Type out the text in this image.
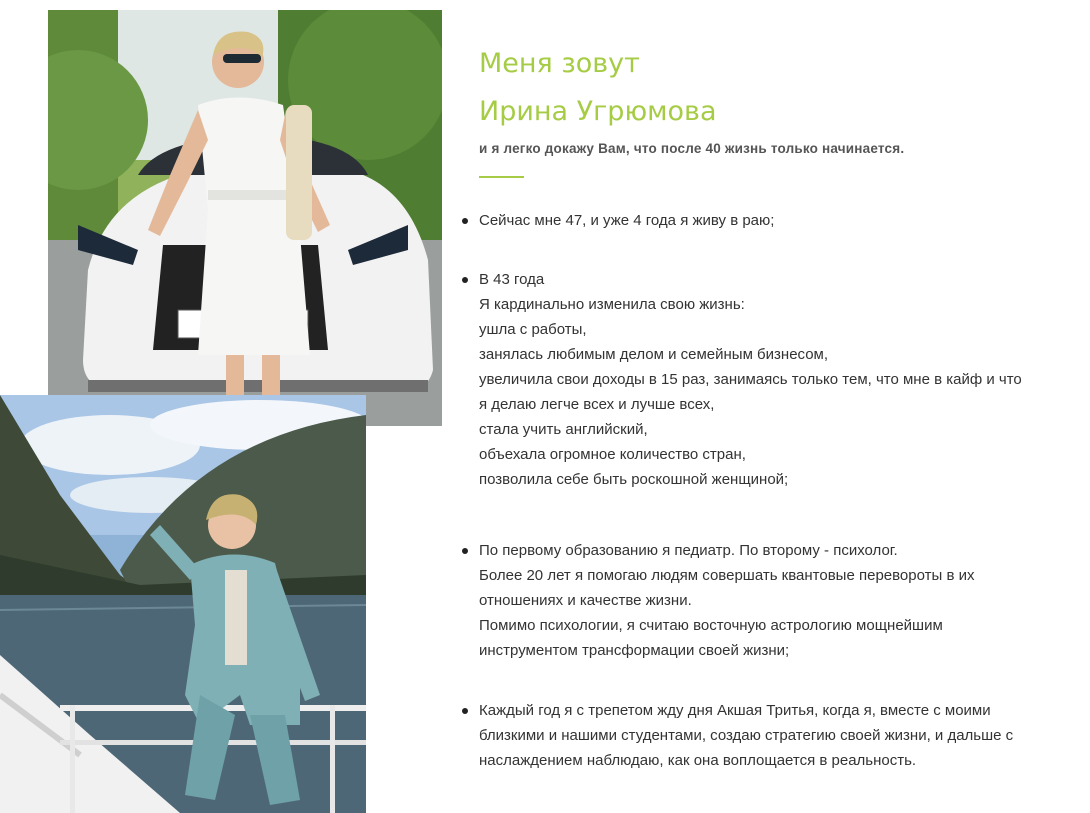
Меня зовут
Ирина Угрюмова

и я легко докажу Вам, что после 40 жизнь только начинается.

Сейчас мне 47, и уже 4 года я живу в раю;
В 43 года
Я кардинально изменила свою жизнь:
ушла с работы,
занялась любимым делом и семейным бизнесом,
увеличила свои доходы в 15 раз, занимаясь только тем, что мне в кайф и что
я делаю легче всех и лучше всех,
стала учить английский,
объехала огромное количество стран,
позволила себе быть роскошной женщиной;
По первому образованию я педиатр. По второму - психолог.
Более 20 лет я помогаю людям совершать квантовые перевороты в их
отношениях и качестве жизни.
Помимо психологии, я считаю восточную астрологию мощнейшим
инструментом трансформации своей жизни;
Каждый год я с трепетом жду дня Акшая Тритья, когда я, вместе с моими
близкими и нашими студентами, создаю стратегию своей жизни, и дальше с
наслаждением наблюдаю, как она воплощается в реальность.
